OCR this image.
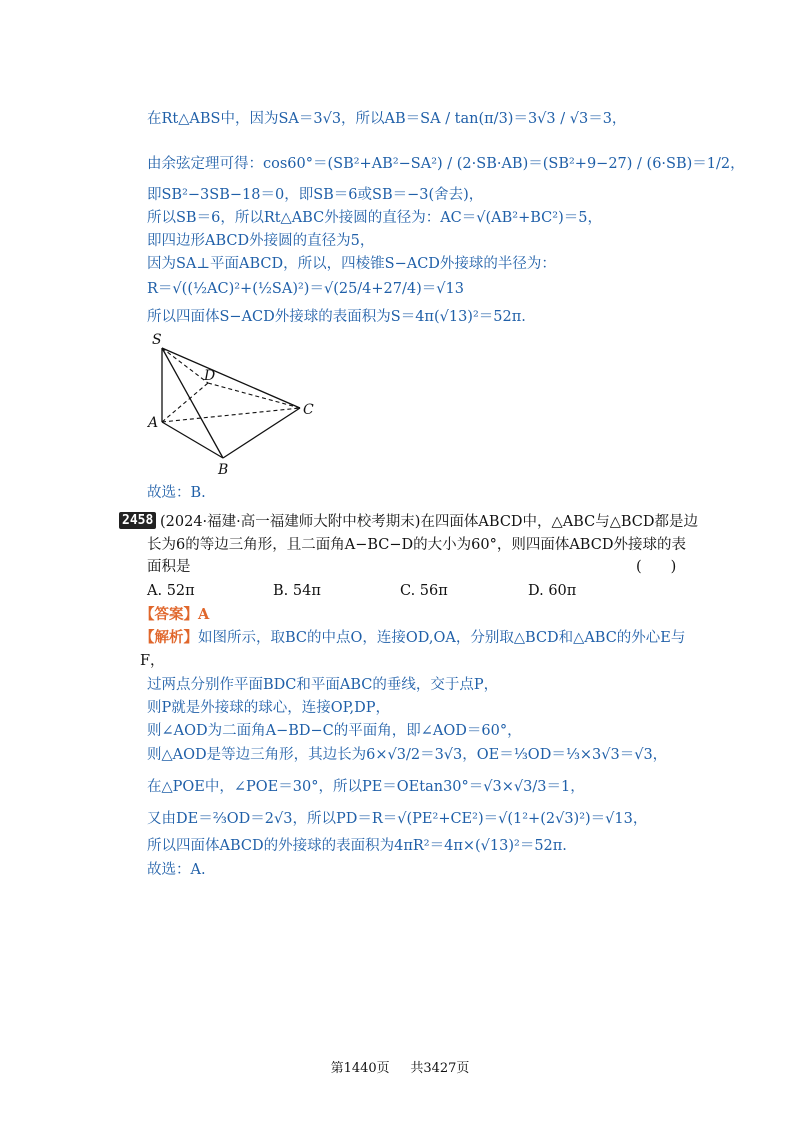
在Rt△ABS中，因为SA＝3√3，所以AB＝SA / tan(π/3)＝3√3 / √3＝3，
由余弦定理可得：cos60°＝(SB²+AB²−SA²) / (2·SB·AB)＝(SB²+9−27) / (6·SB)＝1/2，
即SB²−3SB−18＝0，即SB＝6或SB＝−3(舍去)，
所以SB＝6，所以Rt△ABC外接圆的直径为：AC＝√(AB²+BC²)＝5，
即四边形ABCD外接圆的直径为5，
因为SA⊥平面ABCD，所以，四棱锥S−ACD外接球的半径为：
R＝√((½AC)²+(½SA)²)＝√(25/4+27/4)＝√13
所以四面体S−ACD外接球的表面积为S＝4π(√13)²＝52π.
S
D
C
A
B
故选：B.
2458 (2024·福建·高一福建师大附中校考期末)在四面体ABCD中，△ABC与△BCD都是边
长为6的等边三角形，且二面角A−BC−D的大小为60°，则四面体ABCD外接球的表
面积是	(　　)
A. 52π	B. 54π	C. 56π	D. 60π
【答案】A
【解析】如图所示，取BC的中点O，连接OD,OA，分别取△BCD和△ABC的外心E与
F，
过两点分别作平面BDC和平面ABC的垂线，交于点P，
则P就是外接球的球心，连接OP,DP，
则∠AOD为二面角A−BD−C的平面角，即∠AOD＝60°，
则△AOD是等边三角形，其边长为6×√3/2＝3√3，OE＝⅓OD＝⅓×3√3＝√3，
在△POE中，∠POE＝30°，所以PE＝OEtan30°＝√3×√3/3＝1，
又由DE＝⅔OD＝2√3，所以PD＝R＝√(PE²+CE²)＝√(1²+(2√3)²)＝√13，
所以四面体ABCD的外接球的表面积为4πR²＝4π×(√13)²＝52π.
故选：A.
第1440页 共3427页
